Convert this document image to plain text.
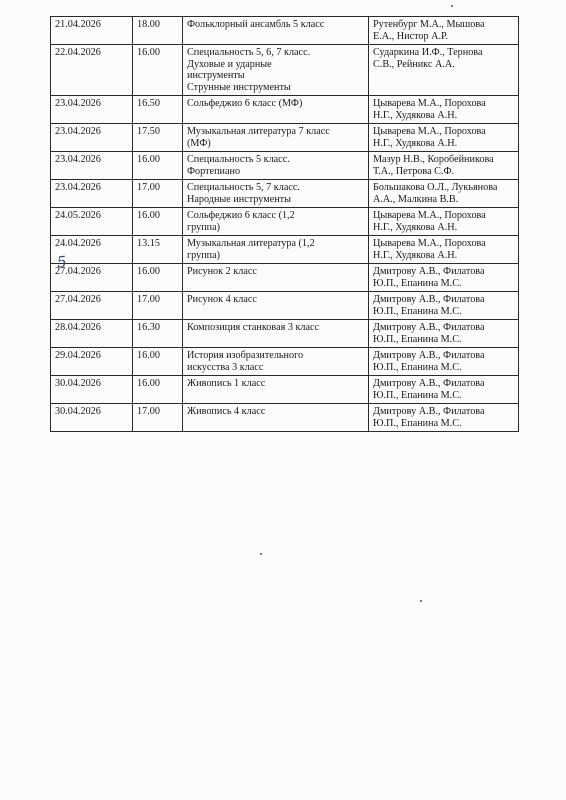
21.04.2026	18.00	Фольклорный ансамбль 5 класс	Рутенбург М.А., Мышова
Е.А., Нистор А.Р.

22.04.2026	16.00	Специальность 5, 6, 7 класс.
Духовые и ударные
инструменты
Струнные инструменты	Сударкина И.Ф., Тернова
С.В., Рейникс А.А.

23.04.2026	16.50	Сольфеджио 6 класс (МФ)	Цыварева М.А., Порохова
Н.Г., Худякова А.Н.

23.04.2026	17.50	Музыкальная литература 7 класс
(МФ)	Цыварева М.А., Порохова
Н.Г., Худякова А.Н.

23.04.2026	16.00	Специальность 5 класс.
Фортепиано	Мазур Н.В., Коробейникова
Т.А., Петрова С.Ф.

23.04.2026	17.00	Специальность 5, 7 класс.
Народные инструменты	Большакова О.Л., Лукьянова
А.А., Малкина В.В.

24.05.2026	16.00	Сольфеджио 6 класс (1,2
группа)	Цыварева М.А., Порохова
Н.Г., Худякова А.Н.

24.04.2026	13.15	Музыкальная литература (1,2
группа)	Цыварева М.А., Порохова
Н.Г., Худякова А.Н.

27.04.2026	16.00	Рисунок 2 класс	Дмитрову А.В., Филатова
Ю.П., Епанина М.С.

27.04.2026	17.00	Рисунок 4 класс	Дмитрову А.В., Филатова
Ю.П., Епанина М.С.

28.04.2026	16.30	Композиция станковая 3 класс	Дмитрову А.В., Филатова
Ю.П., Епанина М.С.

29.04.2026	16.00	История изобразительного
искусства 3 класс	Дмитрову А.В., Филатова
Ю.П., Епанина М.С.

30.04.2026	16.00	Живопись 1 класс	Дмитрову А.В., Филатова
Ю.П., Епанина М.С.

30.04.2026	17.00	Живопись 4 класс	Дмитрову А.В., Филатова
Ю.П., Епанина М.С.
5
